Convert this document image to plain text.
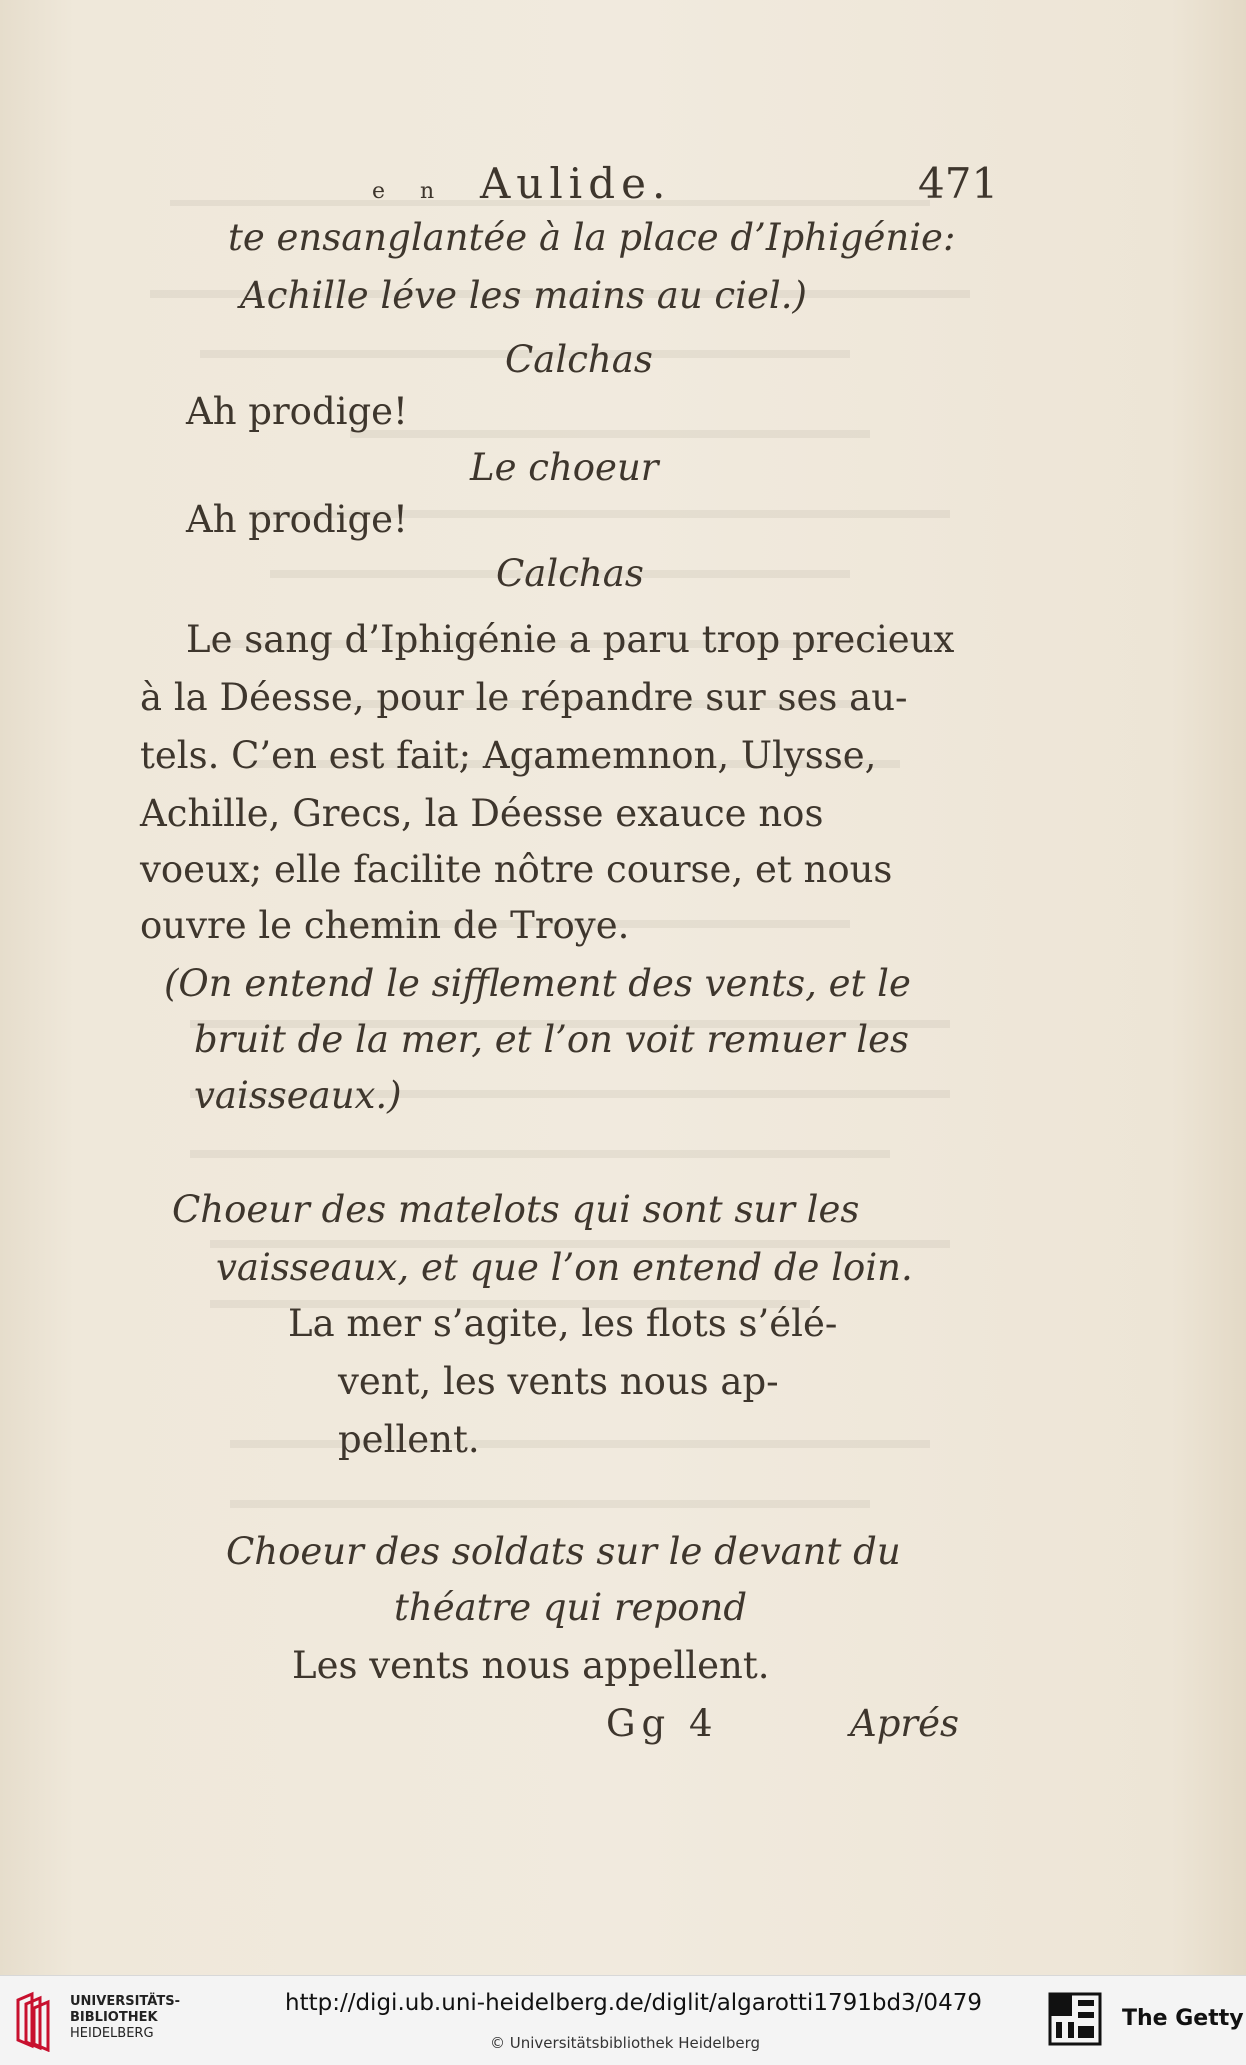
e n Aulide.	471
te ensanglantée à la place d’Iphigénie:
Achille léve les mains au ciel.)
Calchas
Ah prodige!
Le choeur
Ah prodige!
Calchas
Le sang d’Iphigénie a paru trop precieux
à la Déesse, pour le répandre sur ses au-
tels. C’en est fait; Agamemnon, Ulysse,
Achille, Grecs, la Déesse exauce nos
voeux; elle facilite nôtre course, et nous
ouvre le chemin de Troye.
(On entend le sifflement des vents, et le
bruit de la mer, et l’on voit remuer les
vaisseaux.)
Choeur des matelots qui sont sur les
vaisseaux, et que l’on entend de loin.
La mer s’agite, les flots s’élé-
vent, les vents nous ap-
pellent.
Choeur des soldats sur le devant du
théatre qui repond
Les vents nous appellent.
Gg 4	Aprés
UNIVERSITÄTS-
BIBLIOTHEK
HEIDELBERG
http://digi.ub.uni-heidelberg.de/diglit/algarotti1791bd3/0479
© Universitätsbibliothek Heidelberg
The Getty
